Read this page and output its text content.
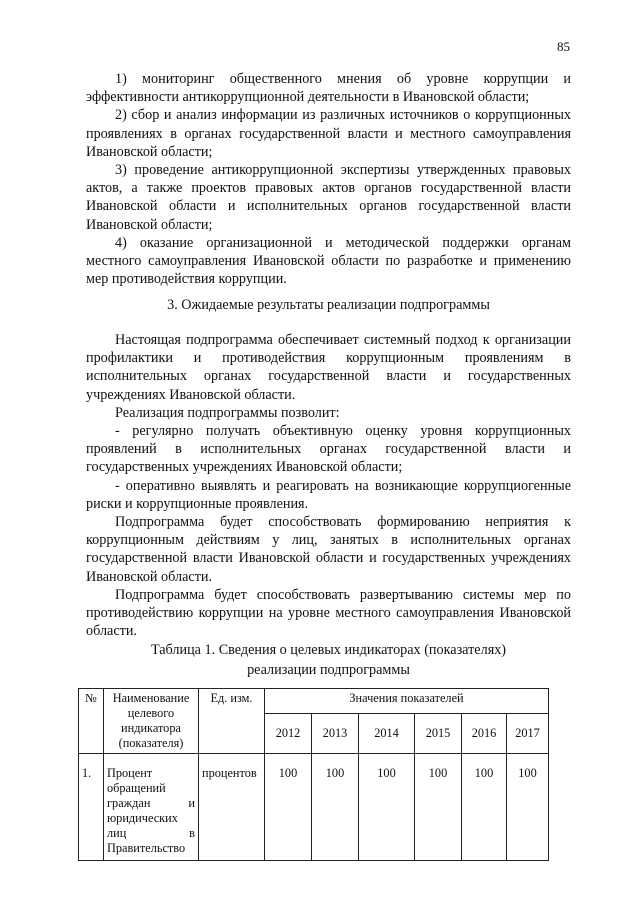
85

1) мониторинг общественного мнения об уровне коррупции и эффективности антикоррупционной деятельности в Ивановской области;

2) сбор и анализ информации из различных источников о коррупционных проявлениях в органах государственной власти и местного самоуправления Ивановской области;

3) проведение антикоррупционной экспертизы утвержденных правовых актов, а также проектов правовых актов органов государственной власти Ивановской области и исполнительных органов государственной власти Ивановской области;

4) оказание организационной и методической поддержки органам местного самоуправления Ивановской области по разработке и применению мер противодействия коррупции.

3. Ожидаемые результаты реализации подпрограммы

Настоящая подпрограмма обеспечивает системный подход к организации профилактики и противодействия коррупционным проявлениям в исполнительных органах государственной власти и государственных учреждениях Ивановской области.

Реализация подпрограммы позволит:

- регулярно получать объективную оценку уровня коррупционных проявлений в исполнительных органах государственной власти и государственных учреждениях Ивановской области;

- оперативно выявлять и реагировать на возникающие коррупциогенные риски и коррупционные проявления.

Подпрограмма будет способствовать формированию неприятия к коррупционным действиям у лиц, занятых в исполнительных органах государственной власти Ивановской области и государственных учреждениях Ивановской области.

Подпрограмма будет способствовать развертыванию системы мер по противодействию коррупции на уровне местного самоуправления Ивановской области.

Таблица 1. Сведения о целевых индикаторах (показателях)
реализации подпрограммы
№	Наименование целевого индикатора (показателя)	Ед. изм.	Значения показателей					
			2012	2013	2014	2015	2016	2017
1.	Процент обращений граждан и юридических лиц в Правительство	процентов	100	100	100	100	100	100
